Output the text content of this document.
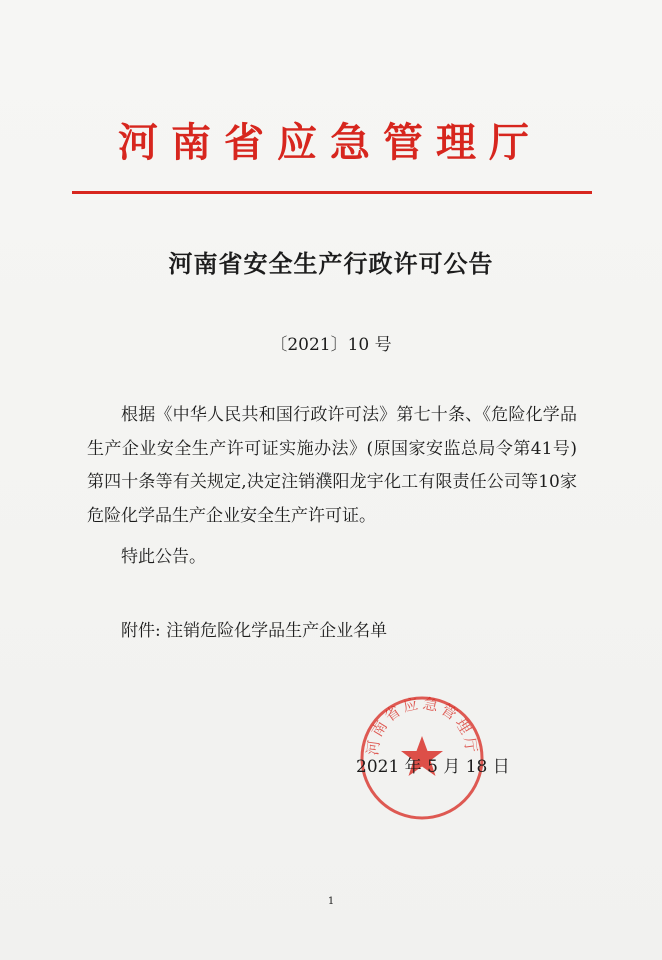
河南省应急管理厅
河南省安全生产行政许可公告
〔2021〕10 号

根据《中华人民共和国行政许可法》第七十条、《危险化学品生产企业安全生产许可证实施办法》(原国家安监总局令第41号)第四十条等有关规定,决定注销濮阳龙宇化工有限责任公司等10家危险化学品生产企业安全生产许可证。

特此公告。
附件: 注销危险化学品生产企业名单
河南省应急管理厅
2021 年 5 月 18 日
1
